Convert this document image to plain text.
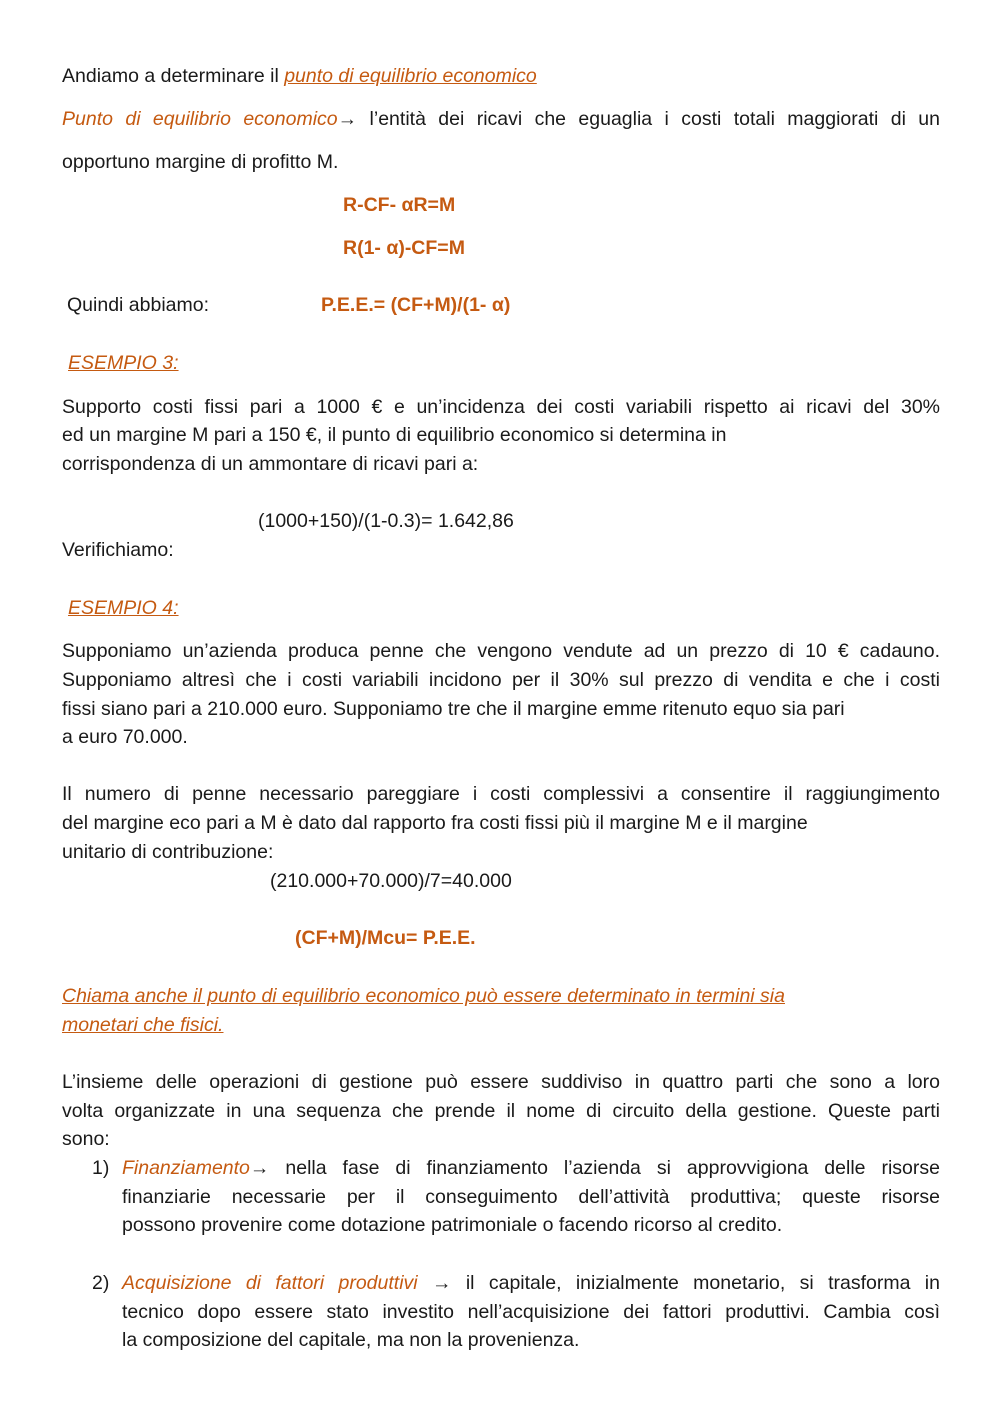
Andiamo a determinare il punto di equilibrio economico
Punto di equilibrio economico→ l’entità dei ricavi che eguaglia i costi totali maggiorati di un
opportuno margine di profitto M.
R-CF- αR=M
R(1- α)-CF=M
Quindi abbiamo:	P.E.E.= (CF+M)/(1- α)
ESEMPIO 3:
Supporto costi fissi pari a 1000 € e un’incidenza dei costi variabili rispetto ai ricavi del 30%
ed un margine M pari a 150 €, il punto di equilibrio economico si determina in
corrispondenza di un ammontare di ricavi pari a:
(1000+150)/(1-0.3)= 1.642,86
Verifichiamo:
ESEMPIO 4:
Supponiamo un’azienda produca penne che vengono vendute ad un prezzo di 10 € cadauno.
Supponiamo altresì che i costi variabili incidono per il 30% sul prezzo di vendita e che i costi
fissi siano pari a 210.000 euro. Supponiamo tre che il margine emme ritenuto equo sia pari
a euro 70.000.
Il numero di penne necessario pareggiare i costi complessivi a consentire il raggiungimento
del margine eco pari a M è dato dal rapporto fra costi fissi più il margine M e il margine
unitario di contribuzione:
(210.000+70.000)/7=40.000
(CF+M)/Mcu= P.E.E.
Chiama anche il punto di equilibrio economico può essere determinato in termini sia
monetari che fisici.
L’insieme delle operazioni di gestione può essere suddiviso in quattro parti che sono a loro
volta organizzate in una sequenza che prende il nome di circuito della gestione. Queste parti
sono:
1) Finanziamento→ nella fase di finanziamento l’azienda si approvvigiona delle risorse
finanziarie necessarie per il conseguimento dell’attività produttiva; queste risorse
possono provenire come dotazione patrimoniale o facendo ricorso al credito.
2) Acquisizione di fattori produttivi → il capitale, inizialmente monetario, si trasforma in
tecnico dopo essere stato investito nell’acquisizione dei fattori produttivi. Cambia così
la composizione del capitale, ma non la provenienza.
